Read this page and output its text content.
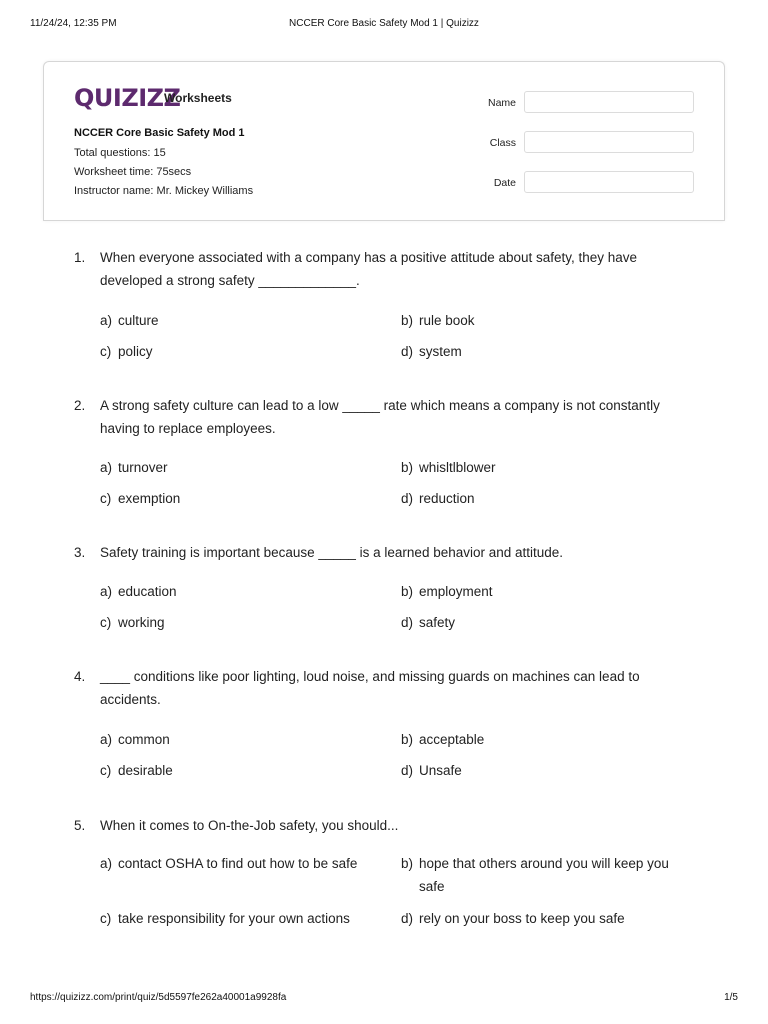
11/24/24, 12:35 PM	NCCER Core Basic Safety Mod 1 | Quizizz
QUIZIZZ
Worksheets
NCCER Core Basic Safety Mod 1
Total questions: 15
Worksheet time: 75secs
Instructor name: Mr. Mickey Williams
Name
Class
Date
1. When everyone associated with a company has a positive attitude about safety, they have developed a strong safety _____________.
a) culture	b) rule book
c) policy	d) system
2. A strong safety culture can lead to a low _____ rate which means a company is not constantly having to replace employees.
a) turnover	b) whisltlblower
c) exemption	d) reduction
3. Safety training is important because _____ is a learned behavior and attitude.
a) education	b) employment
c) working	d) safety
4. ____ conditions like poor lighting, loud noise, and missing guards on machines can lead to accidents.
a) common	b) acceptable
c) desirable	d) Unsafe
5. When it comes to On-the-Job safety, you should...
a) contact OSHA to find out how to be safe	b) hope that others around you will keep you safe
c) take responsibility for your own actions	d) rely on your boss to keep you safe
https://quizizz.com/print/quiz/5d5597fe262a40001a9928fa	1/5
